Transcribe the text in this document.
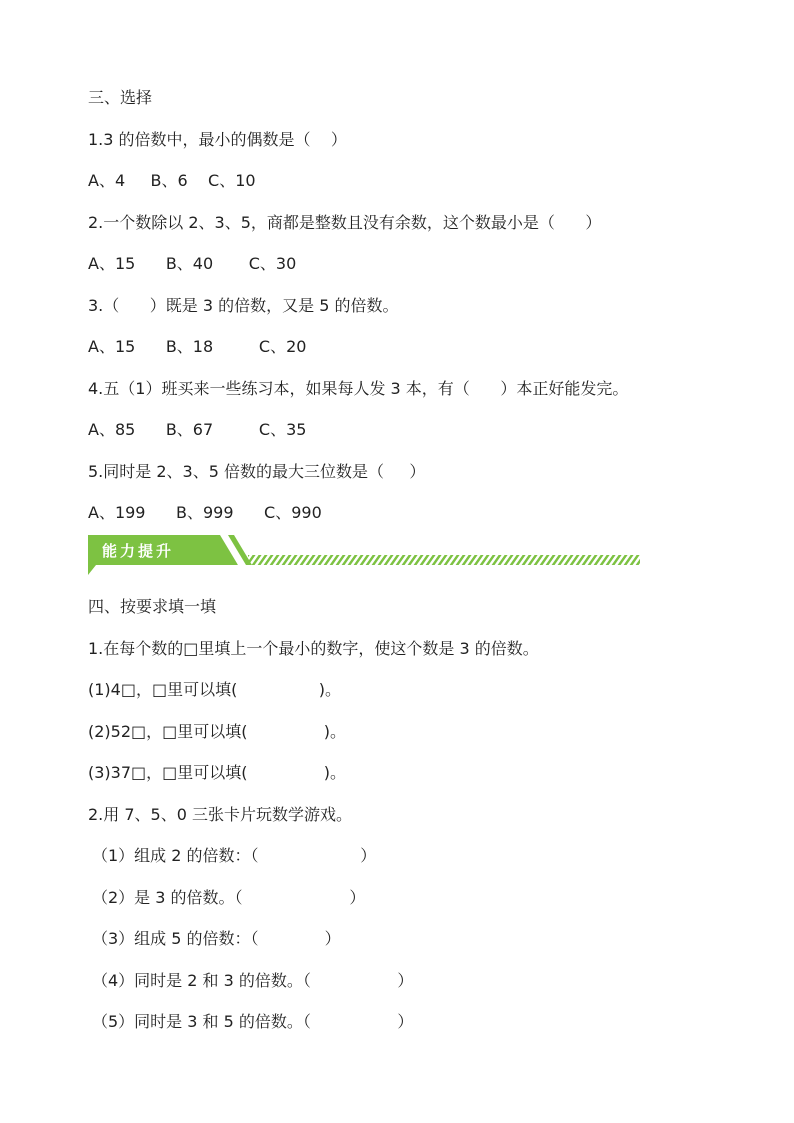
三、选择
1.3 的倍数中，最小的偶数是（    ）
A、4     B、6    C、10
2.一个数除以 2、3、5，商都是整数且没有余数，这个数最小是（      ）
A、15      B、40       C、30
3.（      ）既是 3 的倍数，又是 5 的倍数。
A、15      B、18         C、20
4.五（1）班买来一些练习本，如果每人发 3 本，有（      ）本正好能发完。
A、85      B、67         C、35
5.同时是 2、3、5 倍数的最大三位数是（     ）
A、199      B、999      C、990
能力提升
四、按要求填一填
1.在每个数的□里填上一个最小的数字，使这个数是 3 的倍数。
(1)4□，□里可以填(                )。
(2)52□，□里可以填(               )。
(3)37□，□里可以填(               )。
2.用 7、5、0 三张卡片玩数学游戏。
（1）组成 2 的倍数：（                    ）
（2）是 3 的倍数。（                     ）
（3）组成 5 的倍数：（             ）
（4）同时是 2 和 3 的倍数。（                 ）
（5）同时是 3 和 5 的倍数。（                 ）
